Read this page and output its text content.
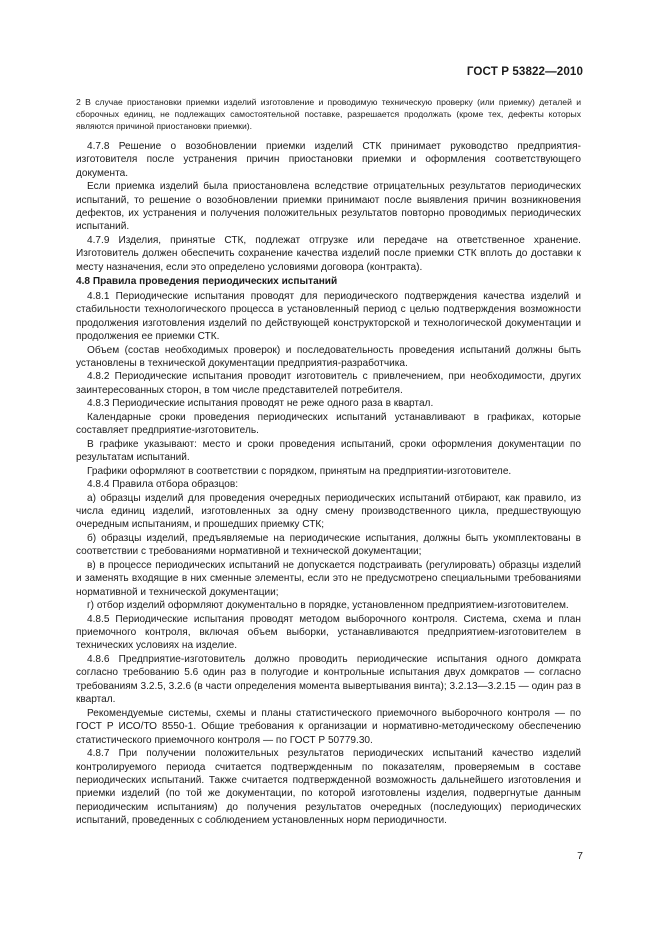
ГОСТ Р 53822—2010

2 В случае приостановки приемки изделий изготовление и проводимую техническую проверку (или приемку) деталей и сборочных единиц, не подлежащих самостоятельной поставке, разрешается продолжать (кроме тех, дефекты которых являются причиной приостановки приемки).

4.7.8 Решение о возобновлении приемки изделий СТК принимает руководство предприятия-изготовителя после устранения причин приостановки приемки и оформления соответствующего документа.

Если приемка изделий была приостановлена вследствие отрицательных результатов периодических испытаний, то решение о возобновлении приемки принимают после выявления причин возникновения дефектов, их устранения и получения положительных результатов повторно проводимых периодических испытаний.

4.7.9 Изделия, принятые СТК, подлежат отгрузке или передаче на ответственное хранение. Изготовитель должен обеспечить сохранение качества изделий после приемки СТК вплоть до доставки к месту назначения, если это определено условиями договора (контракта).

4.8 Правила проведения периодических испытаний

4.8.1 Периодические испытания проводят для периодического подтверждения качества изделий и стабильности технологического процесса в установленный период с целью подтверждения возможности продолжения изготовления изделий по действующей конструкторской и технологической документации и продолжения ее приемки СТК.

Объем (состав необходимых проверок) и последовательность проведения испытаний должны быть установлены в технической документации предприятия-разработчика.

4.8.2 Периодические испытания проводит изготовитель с привлечением, при необходимости, других заинтересованных сторон, в том числе представителей потребителя.

4.8.3 Периодические испытания проводят не реже одного раза в квартал.

Календарные сроки проведения периодических испытаний устанавливают в графиках, которые составляет предприятие-изготовитель.

В графике указывают: место и сроки проведения испытаний, сроки оформления документации по результатам испытаний.

Графики оформляют в соответствии с порядком, принятым на предприятии-изготовителе.

4.8.4 Правила отбора образцов:

а) образцы изделий для проведения очередных периодических испытаний отбирают, как правило, из числа единиц изделий, изготовленных за одну смену производственного цикла, предшествующую очередным испытаниям, и прошедших приемку СТК;

б) образцы изделий, предъявляемые на периодические испытания, должны быть укомплектованы в соответствии с требованиями нормативной и технической документации;

в) в процессе периодических испытаний не допускается подстраивать (регулировать) образцы изделий и заменять входящие в них сменные элементы, если это не предусмотрено специальными требованиями нормативной и технической документации;

г) отбор изделий оформляют документально в порядке, установленном предприятием-изготовителем.

4.8.5 Периодические испытания проводят методом выборочного контроля. Система, схема и план приемочного контроля, включая объем выборки, устанавливаются предприятием-изготовителем в технических условиях на изделие.

4.8.6 Предприятие-изготовитель должно проводить периодические испытания одного домкрата согласно требованию 5.6 один раз в полугодие и контрольные испытания двух домкратов — согласно требованиям 3.2.5, 3.2.6 (в части определения момента вывертывания винта); 3.2.13—3.2.15 — один раз в квартал.

Рекомендуемые системы, схемы и планы статистического приемочного выборочного контроля — по ГОСТ Р ИСО/ТО 8550-1. Общие требования к организации и нормативно-методическому обеспечению статистического приемочного контроля — по ГОСТ Р 50779.30.

4.8.7 При получении положительных результатов периодических испытаний качество изделий контролируемого периода считается подтвержденным по показателям, проверяемым в составе периодических испытаний. Также считается подтвержденной возможность дальнейшего изготовления и приемки изделий (по той же документации, по которой изготовлены изделия, подвергнутые данным периодическим испытаниям) до получения результатов очередных (последующих) периодических испытаний, проведенных с соблюдением установленных норм периодичности.

7
